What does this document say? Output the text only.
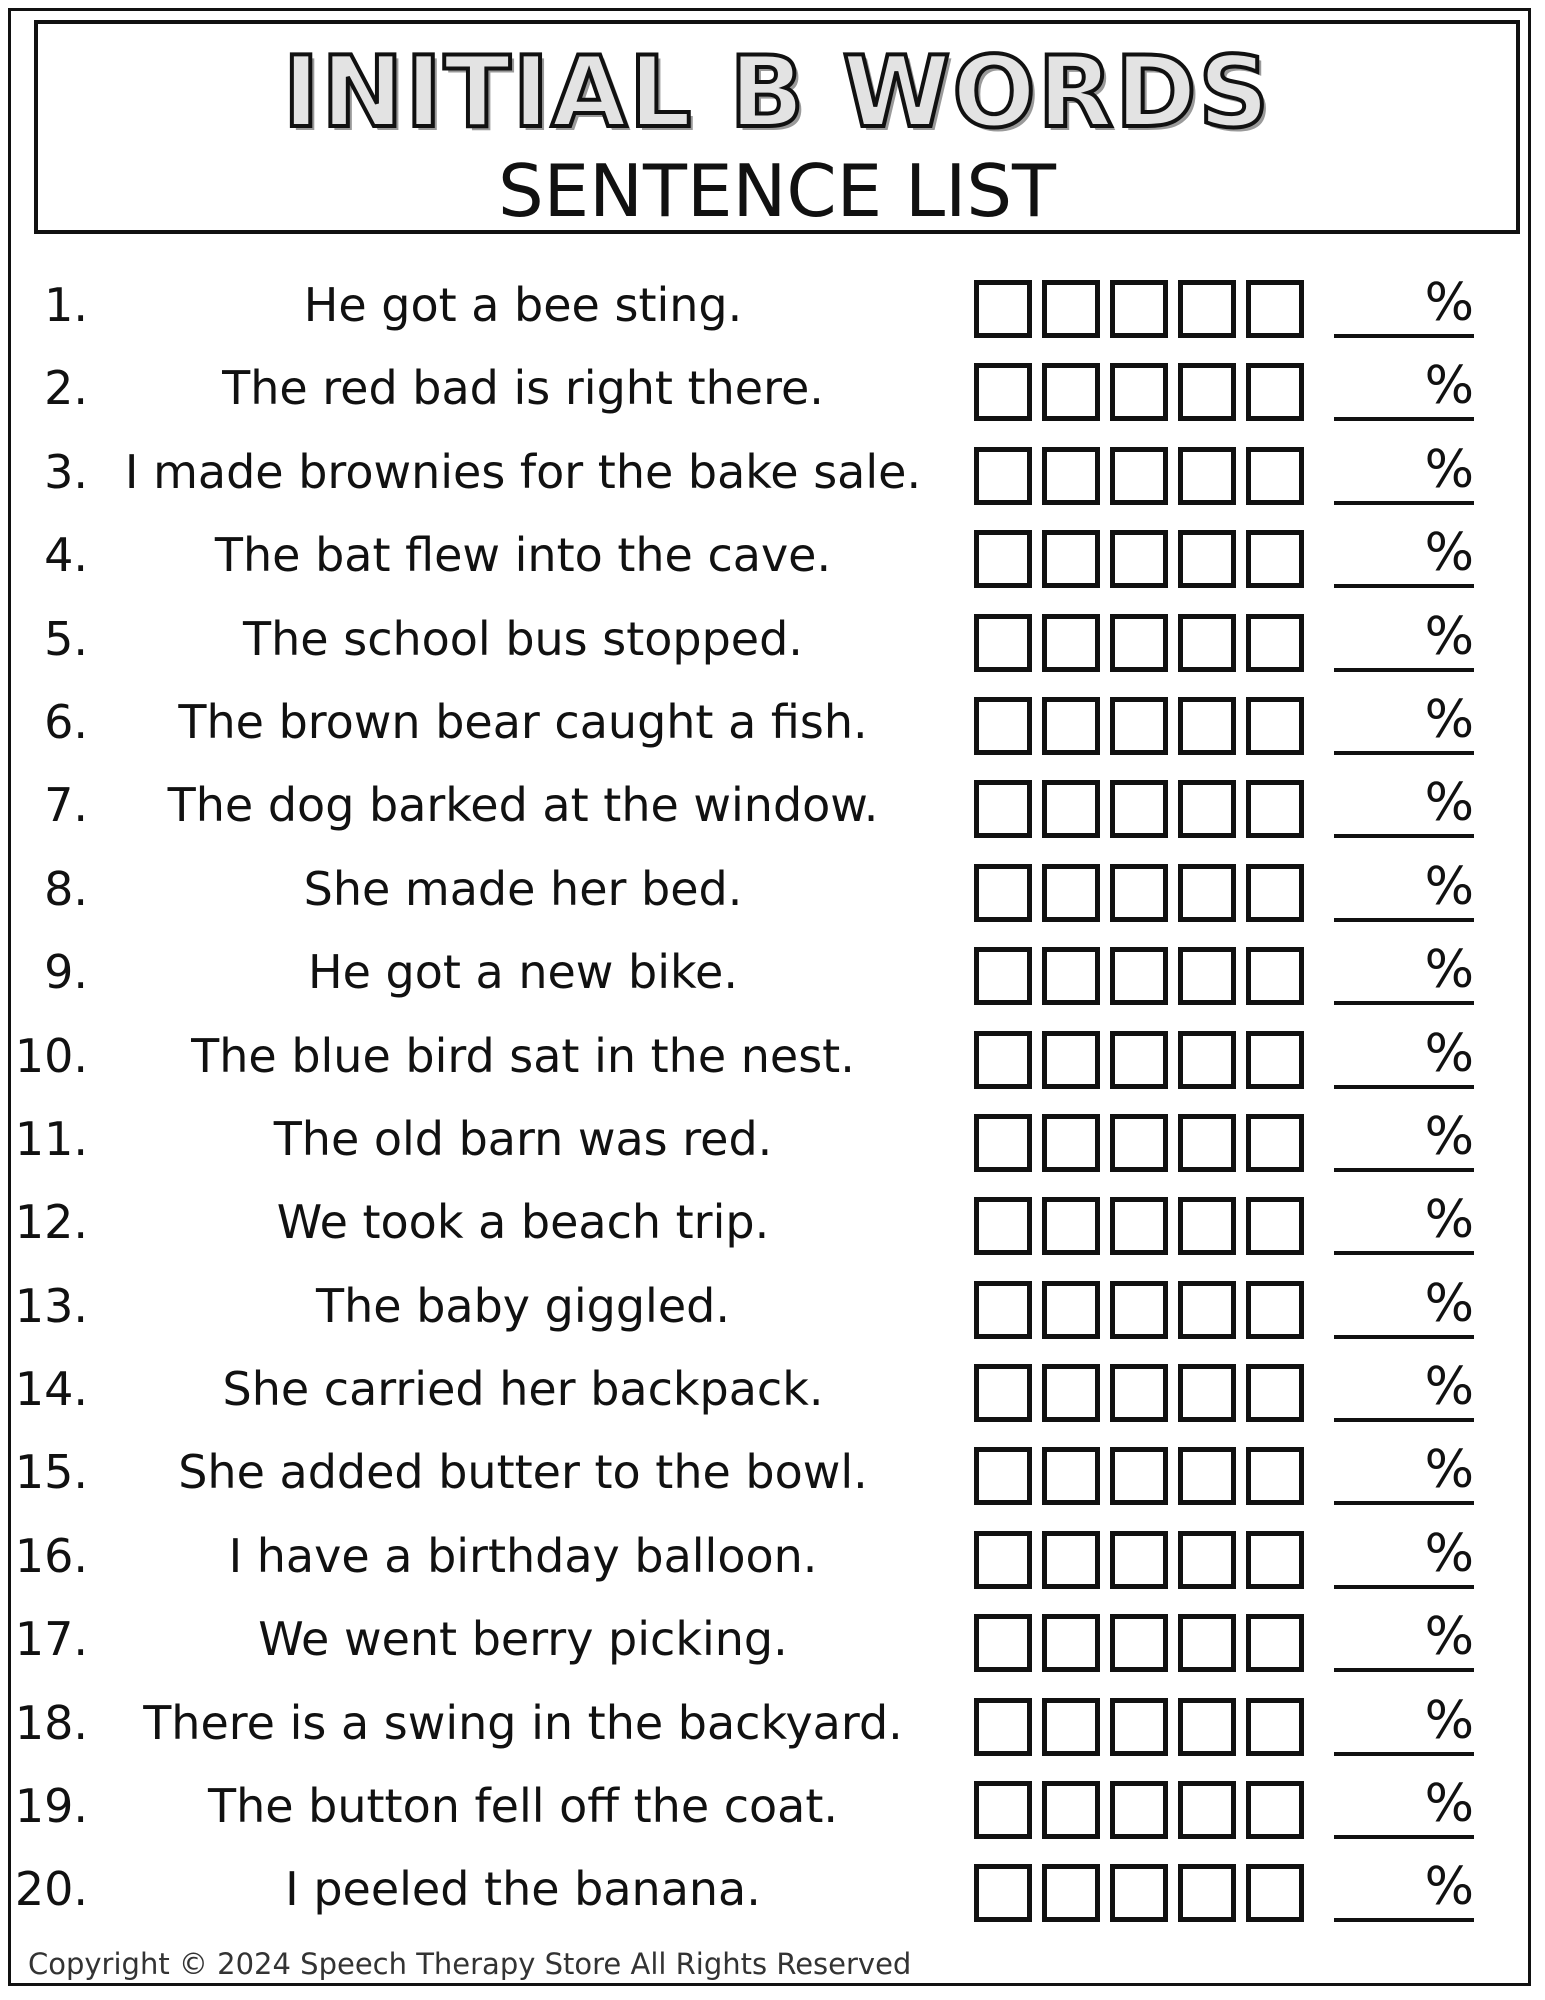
INITIAL B WORDS
SENTENCE LIST
1.	He got a bee sting.	%
2.	The red bad is right there.	%
3. I made brownies for the bake sale.	%
4.	The bat flew into the cave.	%
5.	The school bus stopped.	%
6.	The brown bear caught a fish.	%
7.	The dog barked at the window.	%
8.	She made her bed.	%
9.	He got a new bike.	%
10.	The blue bird sat in the nest.	%
11.	The old barn was red.	%
12.	We took a beach trip.	%
13.	The baby giggled.	%
14.	She carried her backpack.	%
15.	She added butter to the bowl.	%
16.	I have a birthday balloon.	%
17.	We went berry picking.	%
18.	There is a swing in the backyard.	%
19.	The button fell off the coat.	%
20.	I peeled the banana.	%
Copyright © 2024 Speech Therapy Store All Rights Reserved
